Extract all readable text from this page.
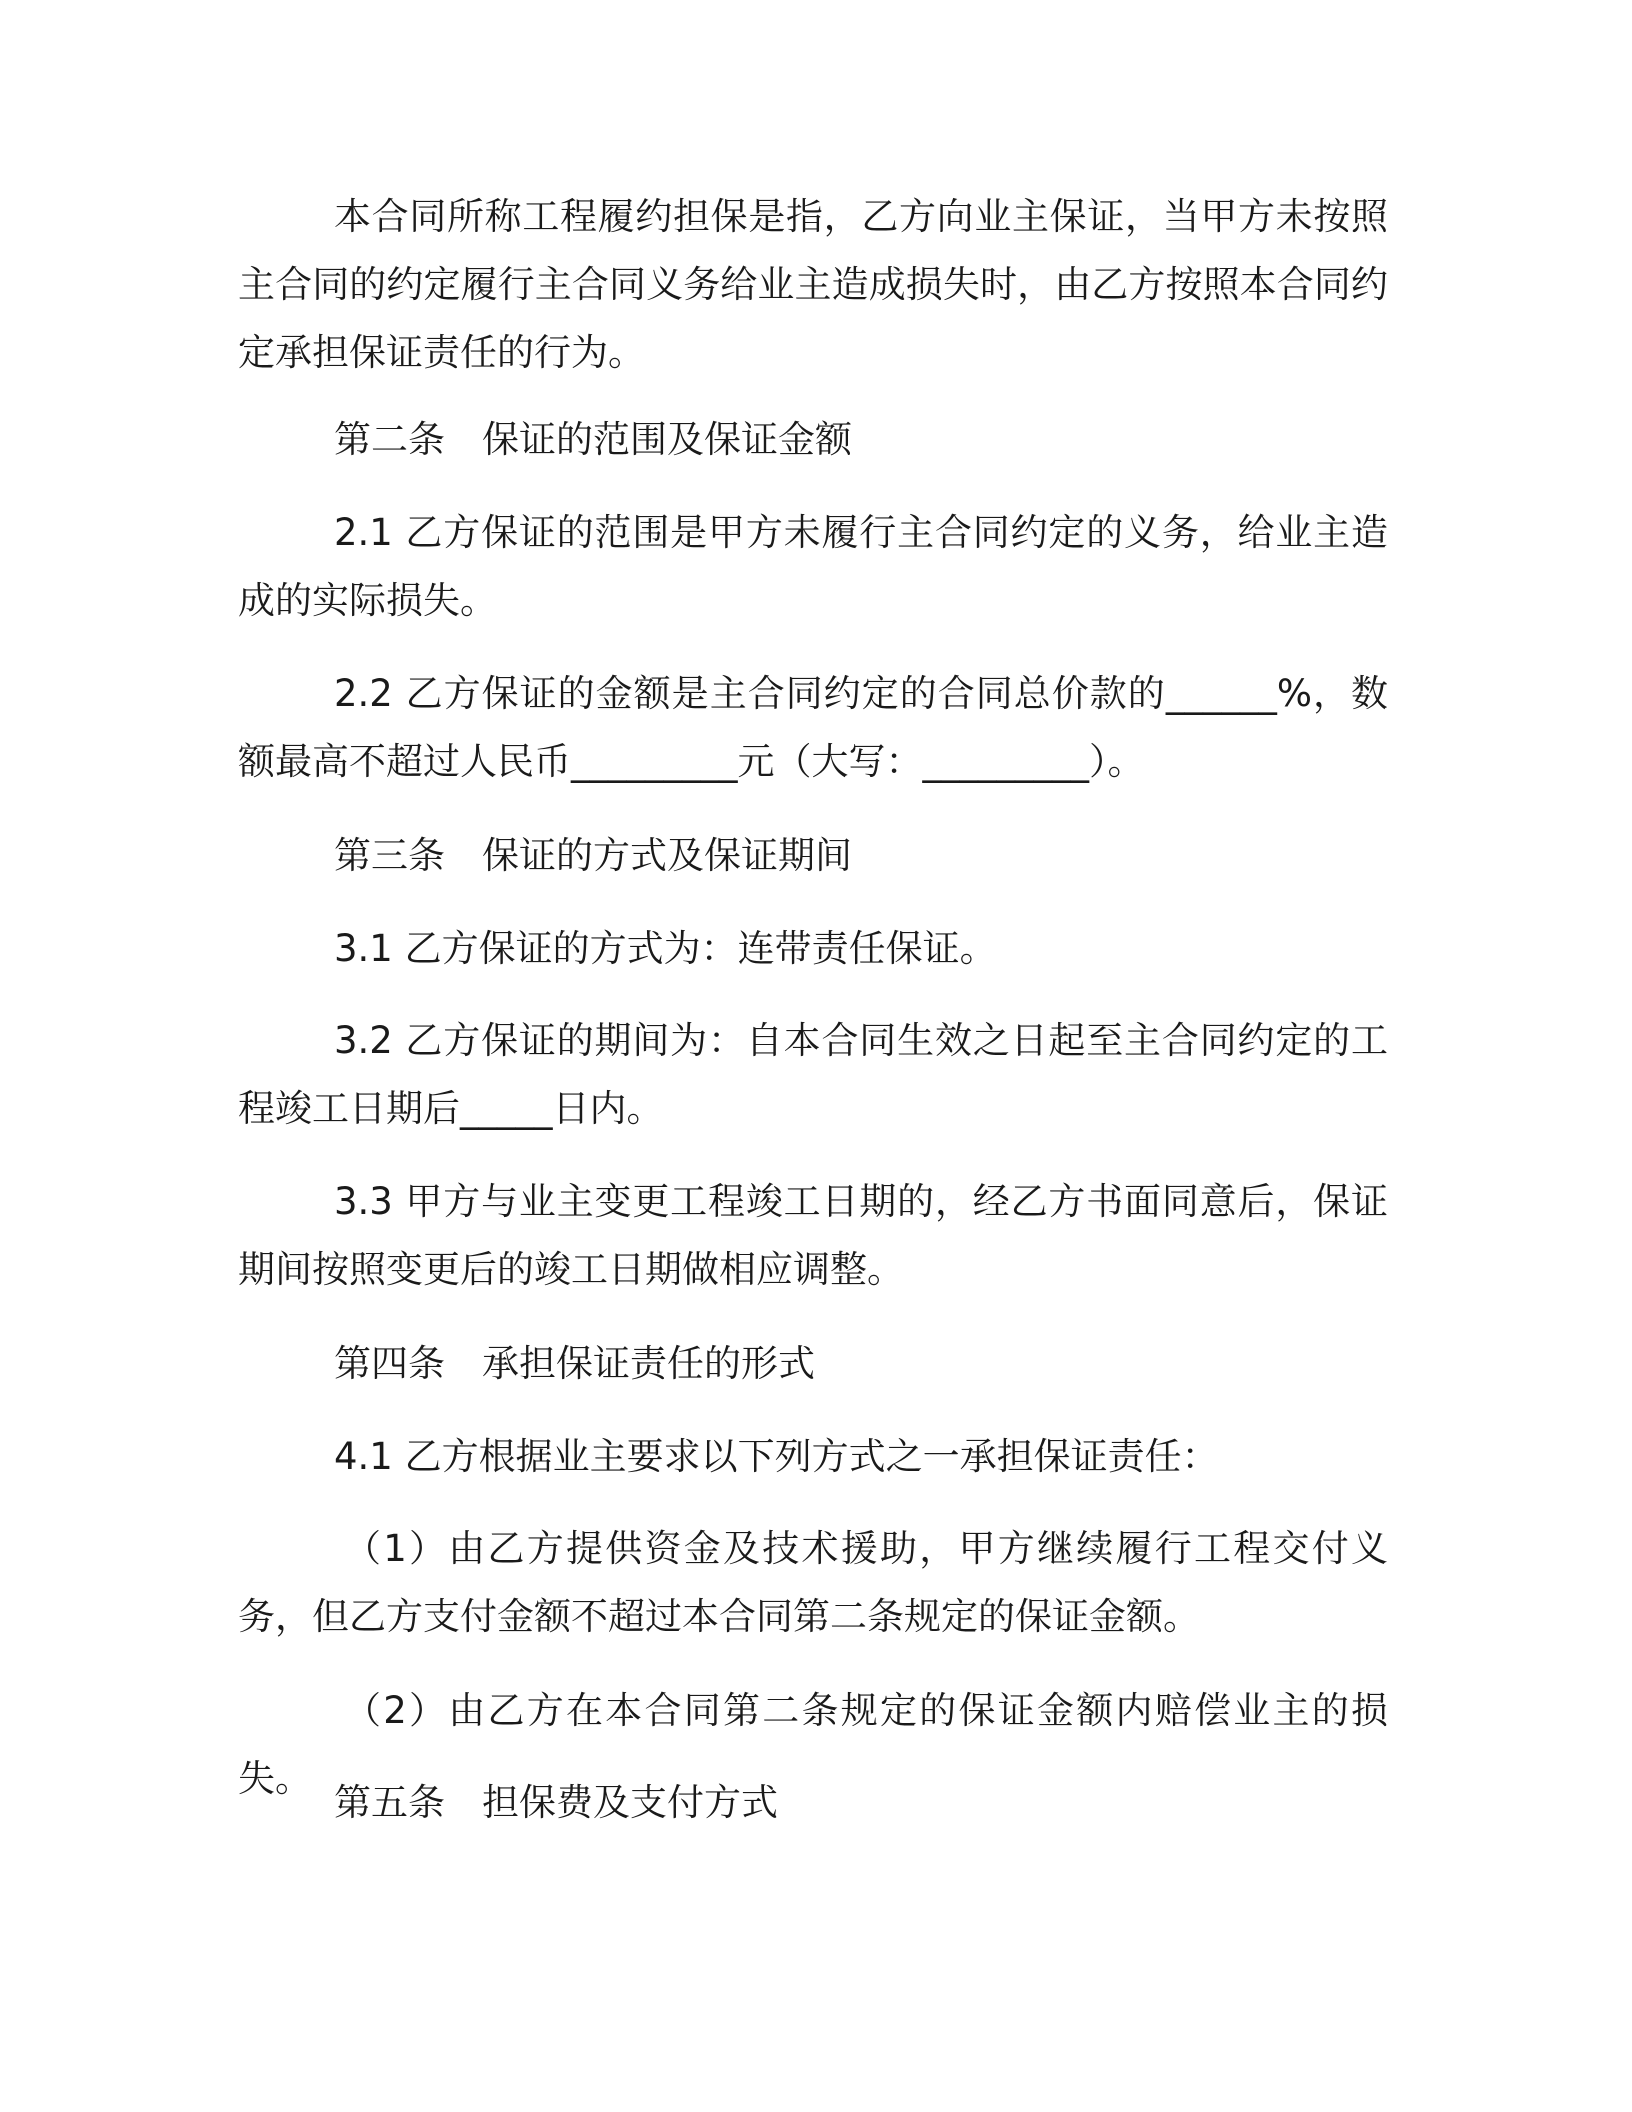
本合同所称工程履约担保是指，乙方向业主保证，当甲方未按照主合同的约定履行主合同义务给业主造成损失时，由乙方按照本合同约定承担保证责任的行为。

第二条　保证的范围及保证金额

2.1 乙方保证的范围是甲方未履行主合同约定的义务，给业主造成的实际损失。

2.2 乙方保证的金额是主合同约定的合同总价款的______%，数额最高不超过人民币_________元（大写：_________）。

第三条　保证的方式及保证期间

3.1 乙方保证的方式为：连带责任保证。

3.2 乙方保证的期间为：自本合同生效之日起至主合同约定的工程竣工日期后_____日内。

3.3 甲方与业主变更工程竣工日期的，经乙方书面同意后，保证期间按照变更后的竣工日期做相应调整。

第四条　承担保证责任的形式

4.1 乙方根据业主要求以下列方式之一承担保证责任：

（1）由乙方提供资金及技术援助，甲方继续履行工程交付义务，但乙方支付金额不超过本合同第二条规定的保证金额。

（2）由乙方在本合同第二条规定的保证金额内赔偿业主的损失。

第五条　担保费及支付方式
